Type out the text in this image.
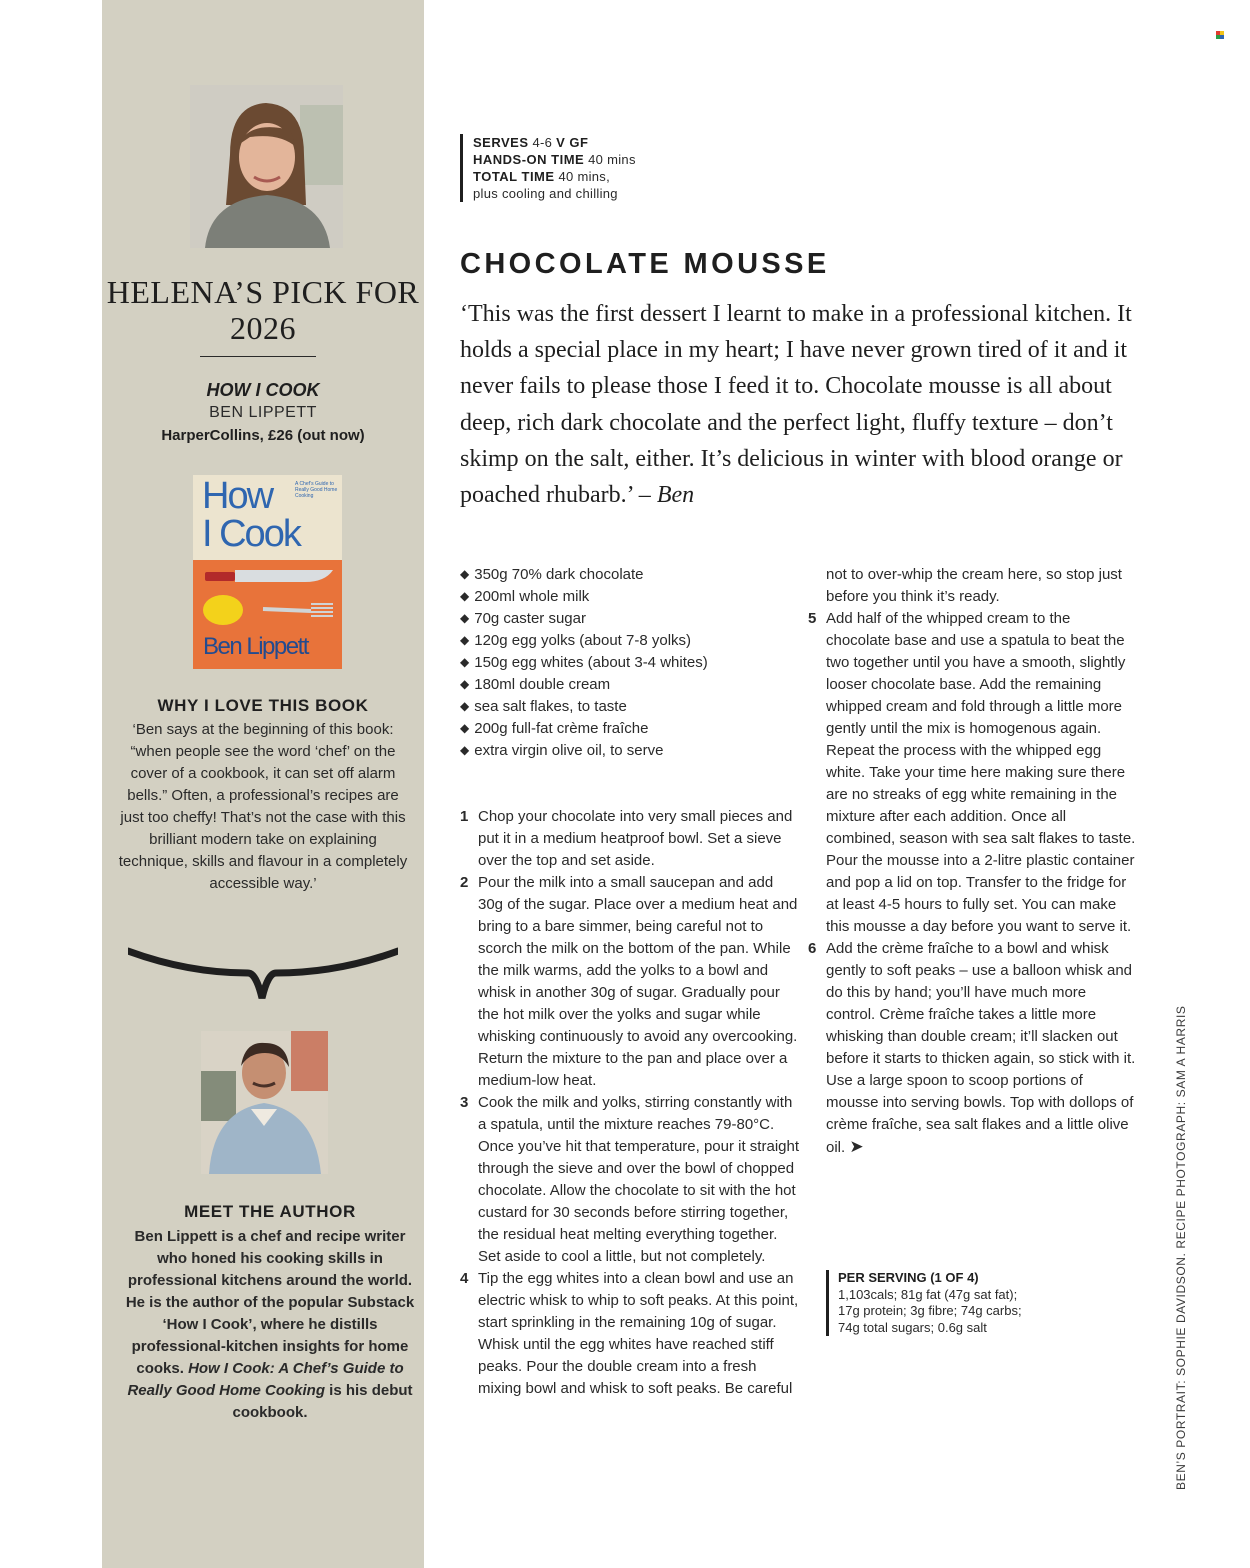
HELENA’S PICK FOR 2026
HOW I COOK
BEN LIPPETT
HarperCollins, £26 (out now)
How
I Cook
A Chef’s Guide to Really Good Home Cooking
Ben Lippett
WHY I LOVE THIS BOOK
‘Ben says at the beginning of this book: “when people see the word ‘chef’ on the cover of a cookbook, it can set off alarm bells.” Often, a professional’s recipes are just too cheffy! That’s not the case with this brilliant modern take on explaining technique, skills and flavour in a completely accessible way.’
MEET THE AUTHOR
Ben Lippett is a chef and recipe writer who honed his cooking skills in professional kitchens around the world. He is the author of the popular Substack ‘How I Cook’, where he distills professional-kitchen insights for home cooks. How I Cook: A Chef’s Guide to Really Good Home Cooking is his debut cookbook.
SERVES 4-6 V GF
HANDS-ON TIME 40 mins
TOTAL TIME 40 mins,
plus cooling and chilling
CHOCOLATE MOUSSE
‘This was the first dessert I learnt to make in a professional kitchen. It holds a special place in my heart; I have never grown tired of it and it never fails to please those I feed it to. Chocolate mousse is all about deep, rich dark chocolate and the perfect light, fluffy texture – don’t skimp on the salt, either. It’s delicious in winter with blood orange or poached rhubarb.’ – Ben
◆ 350g 70% dark chocolate
◆ 200ml whole milk
◆ 70g caster sugar
◆ 120g egg yolks (about 7-8 yolks)
◆ 150g egg whites (about 3-4 whites)
◆ 180ml double cream
◆ sea salt flakes, to taste
◆ 200g full-fat crème fraîche
◆ extra virgin olive oil, to serve
1 Chop your chocolate into very small pieces and put it in a medium heatproof bowl. Set a sieve over the top and set aside.
2 Pour the milk into a small saucepan and add 30g of the sugar. Place over a medium heat and bring to a bare simmer, being careful not to scorch the milk on the bottom of the pan. While the milk warms, add the yolks to a bowl and whisk in another 30g of sugar. Gradually pour the hot milk over the yolks and sugar while whisking continuously to avoid any overcooking. Return the mixture to the pan and place over a medium-low heat.
3 Cook the milk and yolks, stirring constantly with a spatula, until the mixture reaches 79-80°C. Once you’ve hit that temperature, pour it straight through the sieve and over the bowl of chopped chocolate. Allow the chocolate to sit with the hot custard for 30 seconds before stirring together, the residual heat melting everything together. Set aside to cool a little, but not completely.
4 Tip the egg whites into a clean bowl and use an electric whisk to whip to soft peaks. At this point, start sprinkling in the remaining 10g of sugar. Whisk until the egg whites have reached stiff peaks. Pour the double cream into a fresh mixing bowl and whisk to soft peaks. Be careful
not to over-whip the cream here, so stop just before you think it’s ready.
5 Add half of the whipped cream to the chocolate base and use a spatula to beat the two together until you have a smooth, slightly looser chocolate base. Add the remaining whipped cream and fold through a little more gently until the mix is homogenous again. Repeat the process with the whipped egg white. Take your time here making sure there are no streaks of egg white remaining in the mixture after each addition. Once all combined, season with sea salt flakes to taste. Pour the mousse into a 2-litre plastic container and pop a lid on top. Transfer to the fridge for at least 4-5 hours to fully set. You can make this mousse a day before you want to serve it.
6 Add the crème fraîche to a bowl and whisk gently to soft peaks – use a balloon whisk and do this by hand; you’ll have much more control. Crème fraîche takes a little more whisking than double cream; it’ll slacken out before it starts to thicken again, so stick with it. Use a large spoon to scoop portions of mousse into serving bowls. Top with dollops of crème fraîche, sea salt flakes and a little olive oil. ➤
PER SERVING (1 OF 4)
1,103cals; 81g fat (47g sat fat);
17g protein; 3g fibre; 74g carbs;
74g total sugars; 0.6g salt	BEN’S PORTRAIT: SOPHIE DAVIDSON. RECIPE PHOTOGRAPH: SAM A HARRIS
